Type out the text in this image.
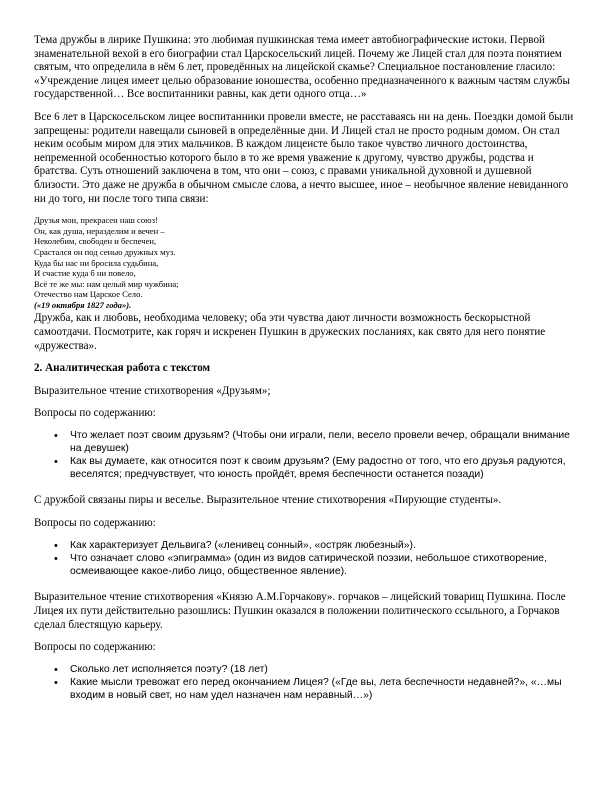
Тема дружбы в лирике Пушкина: это любимая пушкинская тема имеет автобиографические истоки. Первой знаменательной вехой в его биографии стал Царскосельский лицей. Почему же Лицей стал для поэта понятием святым, что определила в нём 6 лет, проведённых на лицейской скамье? Специальное постановление гласило: «Учреждение лицея имеет целью образование юношества, особенно предназначенного к важным частям службы государственной… Все воспитанники равны, как дети одного отца…»

Все 6 лет в Царскосельском лицее воспитанники провели вместе, не расставаясь ни на день. Поездки домой были запрещены: родители навещали сыновей в определённые дни. И Лицей стал не просто родным домом. Он стал неким особым миром для этих мальчиков. В каждом лицеисте было такое чувство личного достоинства, непременной особенностью которого было в то же время уважение к другому, чувство дружбы, родства и братства. Суть отношений заключена в том, что они – союз, с правами уникальной духовной и душевной близости. Это даже не дружба в обычном смысле слова, а нечто высшее, иное – необычное явление невиданного ни до того, ни после того типа связи:

Друзья мои, прекрасен наш союз!
Он, как душа, неразделим и вечен –
Неколебим, свободен и беспечен,
Срастался он под сенью дружных муз.
Куда бы нас ни бросила судьбина,
И счастие куда б ни повело,
Всё те же мы: нам целый мир чужбина;
Отечество нам Царское Село.
(«19 октября 1827 года»).

Дружба, как и любовь, необходима человеку; оба эти чувства дают личности возможность бескорыстной самоотдачи. Посмотрите, как горяч и искренен Пушкин в дружеских посланиях, как свято для него понятие «дружества».

2. Аналитическая работа с текстом

Выразительное чтение стихотворения «Друзьям»;

Вопросы по содержанию:

• Что желает поэт своим друзьям? (Чтобы они играли, пели, весело провели вечер, обращали внимание на девушек)
• Как вы думаете, как относится поэт к своим друзьям? (Ему радостно от того, что его друзья радуются, веселятся; предчувствует, что юность пройдёт, время беспечности останется позади)

С дружбой связаны пиры и веселье. Выразительное чтение стихотворения «Пирующие студенты».

Вопросы по содержанию:

• Как характеризует Дельвига? («ленивец сонный», «остряк любезный»).
• Что означает слово «эпиграмма» (один из видов сатирической поэзии, небольшое стихотворение, осмеивающее какое-либо лицо, общественное явление).

Выразительное чтение стихотворения «Князю А.М.Горчакову». горчаков – лицейский товарищ Пушкина. После Лицея их пути действительно разошлись: Пушкин оказался в положении политического ссыльного, а Горчаков сделал блестящую карьеру.

Вопросы по содержанию:

• Сколько лет исполняется поэту? (18 лет)
• Какие мысли тревожат его перед окончанием Лицея? («Где вы, лета беспечности недавней?», «…мы входим в новый свет, но нам удел назначен нам неравный…»)
